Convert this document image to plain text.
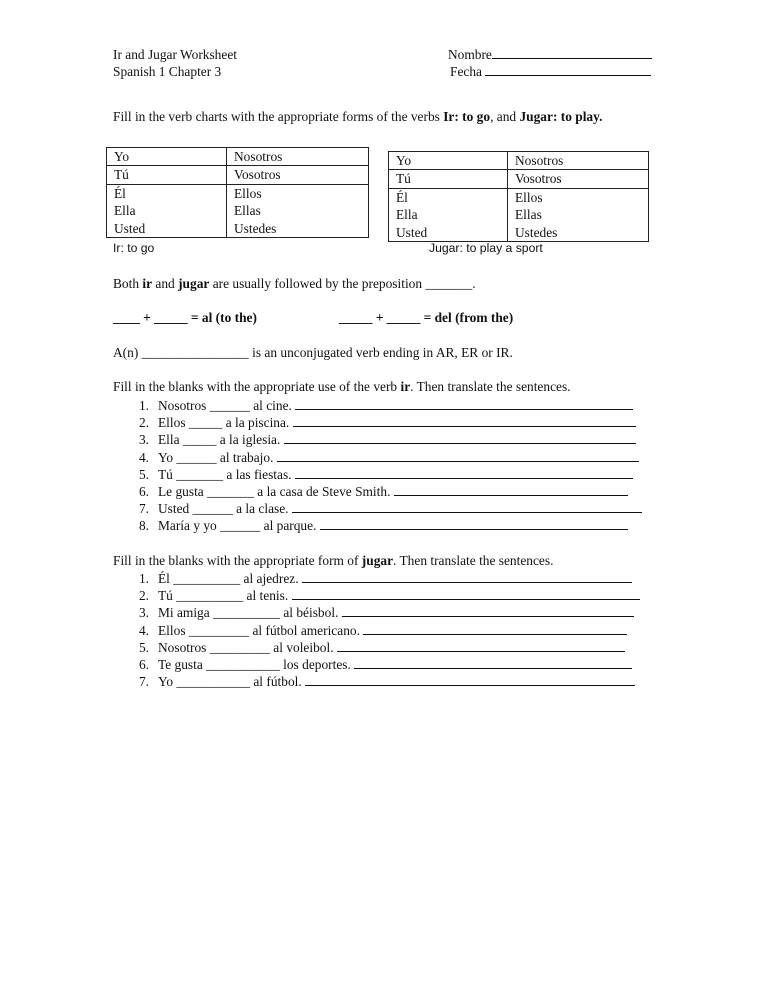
Ir and Jugar Worksheet
Spanish 1 Chapter 3
Nombre
Fecha
Fill in the verb charts with the appropriate forms of the verbs Ir: to go, and Jugar: to play.
Yo	Nosotros
Tú	Vosotros
Él	Ellos
Ella	Ellas
Usted	Ustedes
Ir: to go
Yo	Nosotros
Tú	Vosotros
Él	Ellos
Ella	Ellas
Usted	Ustedes
Jugar: to play a sport
Both ir and jugar are usually followed by the preposition _______.
____ + _____ = al (to the)	_____ + _____ = del (from the)
A(n) ________________ is an unconjugated verb ending in AR, ER or IR.
Fill in the blanks with the appropriate use of the verb ir. Then translate the sentences.
1. Nosotros ______ al cine.
2. Ellos _____ a la piscina.
3. Ella _____ a la iglesia.
4. Yo ______ al trabajo.
5. Tú _______ a las fiestas.
6. Le gusta _______ a la casa de Steve Smith.
7. Usted ______ a la clase.
8. María y yo ______ al parque.
Fill in the blanks with the appropriate form of jugar. Then translate the sentences.
1. Él __________ al ajedrez.
2. Tú __________ al tenis.
3. Mi amiga __________ al béisbol.
4. Ellos _________ al fútbol americano.
5. Nosotros _________ al voleibol.
6. Te gusta ___________ los deportes.
7. Yo ___________ al fútbol.
